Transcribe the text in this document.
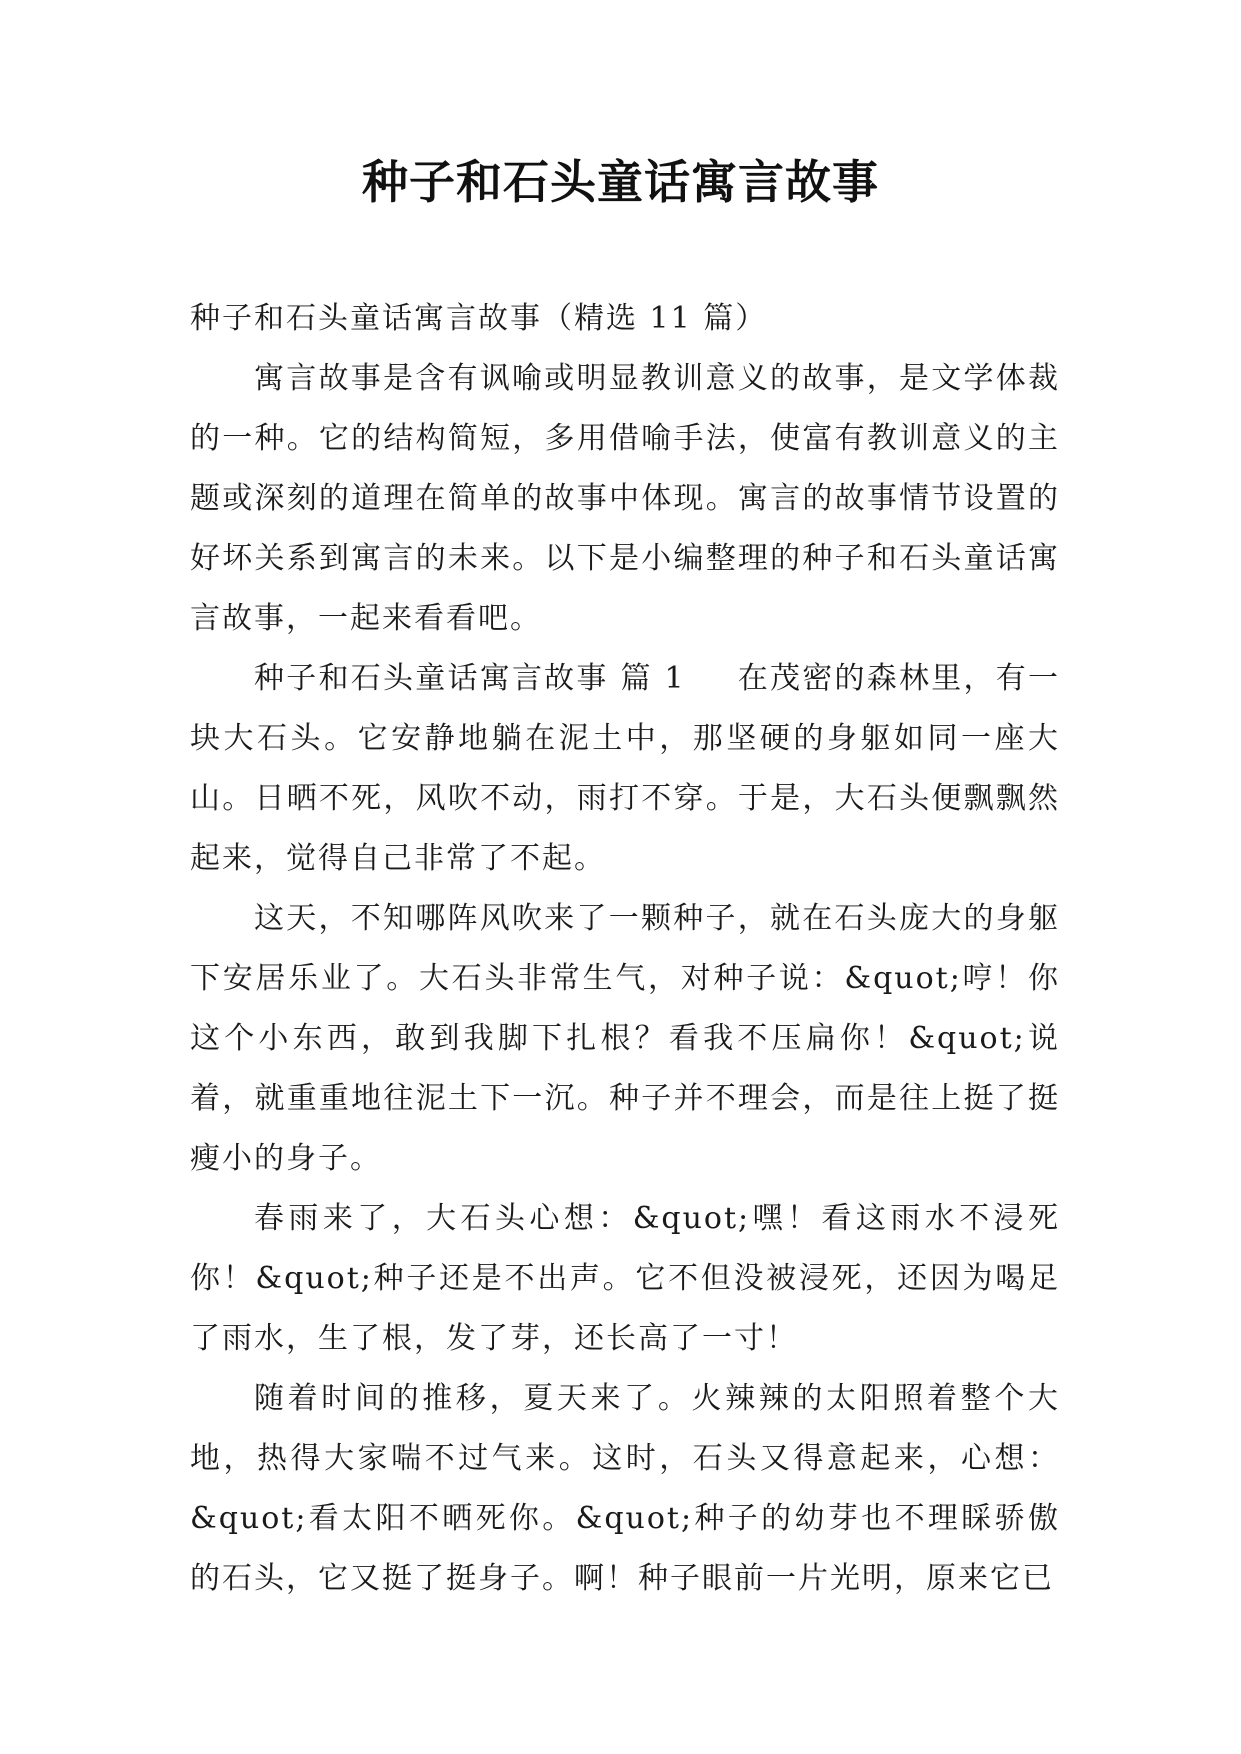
种子和石头童话寓言故事

种子和石头童话寓言故事（精选 11 篇）

寓言故事是含有讽喻或明显教训意义的故事，是文学体裁的一种。它的结构简短，多用借喻手法，使富有教训意义的主题或深刻的道理在简单的故事中体现。寓言的故事情节设置的好坏关系到寓言的未来。以下是小编整理的种子和石头童话寓言故事，一起来看看吧。

种子和石头童话寓言故事 篇 1 在茂密的森林里，有一块大石头。它安静地躺在泥土中，那坚硬的身躯如同一座大山。日晒不死，风吹不动，雨打不穿。于是，大石头便飘飘然起来，觉得自己非常了不起。

这天，不知哪阵风吹来了一颗种子，就在石头庞大的身躯下安居乐业了。大石头非常生气，对种子说：&quot;哼！你这个小东西，敢到我脚下扎根？看我不压扁你！&quot;说着，就重重地往泥土下一沉。种子并不理会，而是往上挺了挺瘦小的身子。

春雨来了，大石头心想：&quot;嘿！看这雨水不浸死你！&quot;种子还是不出声。它不但没被浸死，还因为喝足了雨水，生了根，发了芽，还长高了一寸！

随着时间的推移，夏天来了。火辣辣的太阳照着整个大地，热得大家喘不过气来。这时，石头又得意起来，心想：&quot;看太阳不晒死你。&quot;种子的幼芽也不理睬骄傲的石头，它又挺了挺身子。啊！种子眼前一片光明，原来它已
